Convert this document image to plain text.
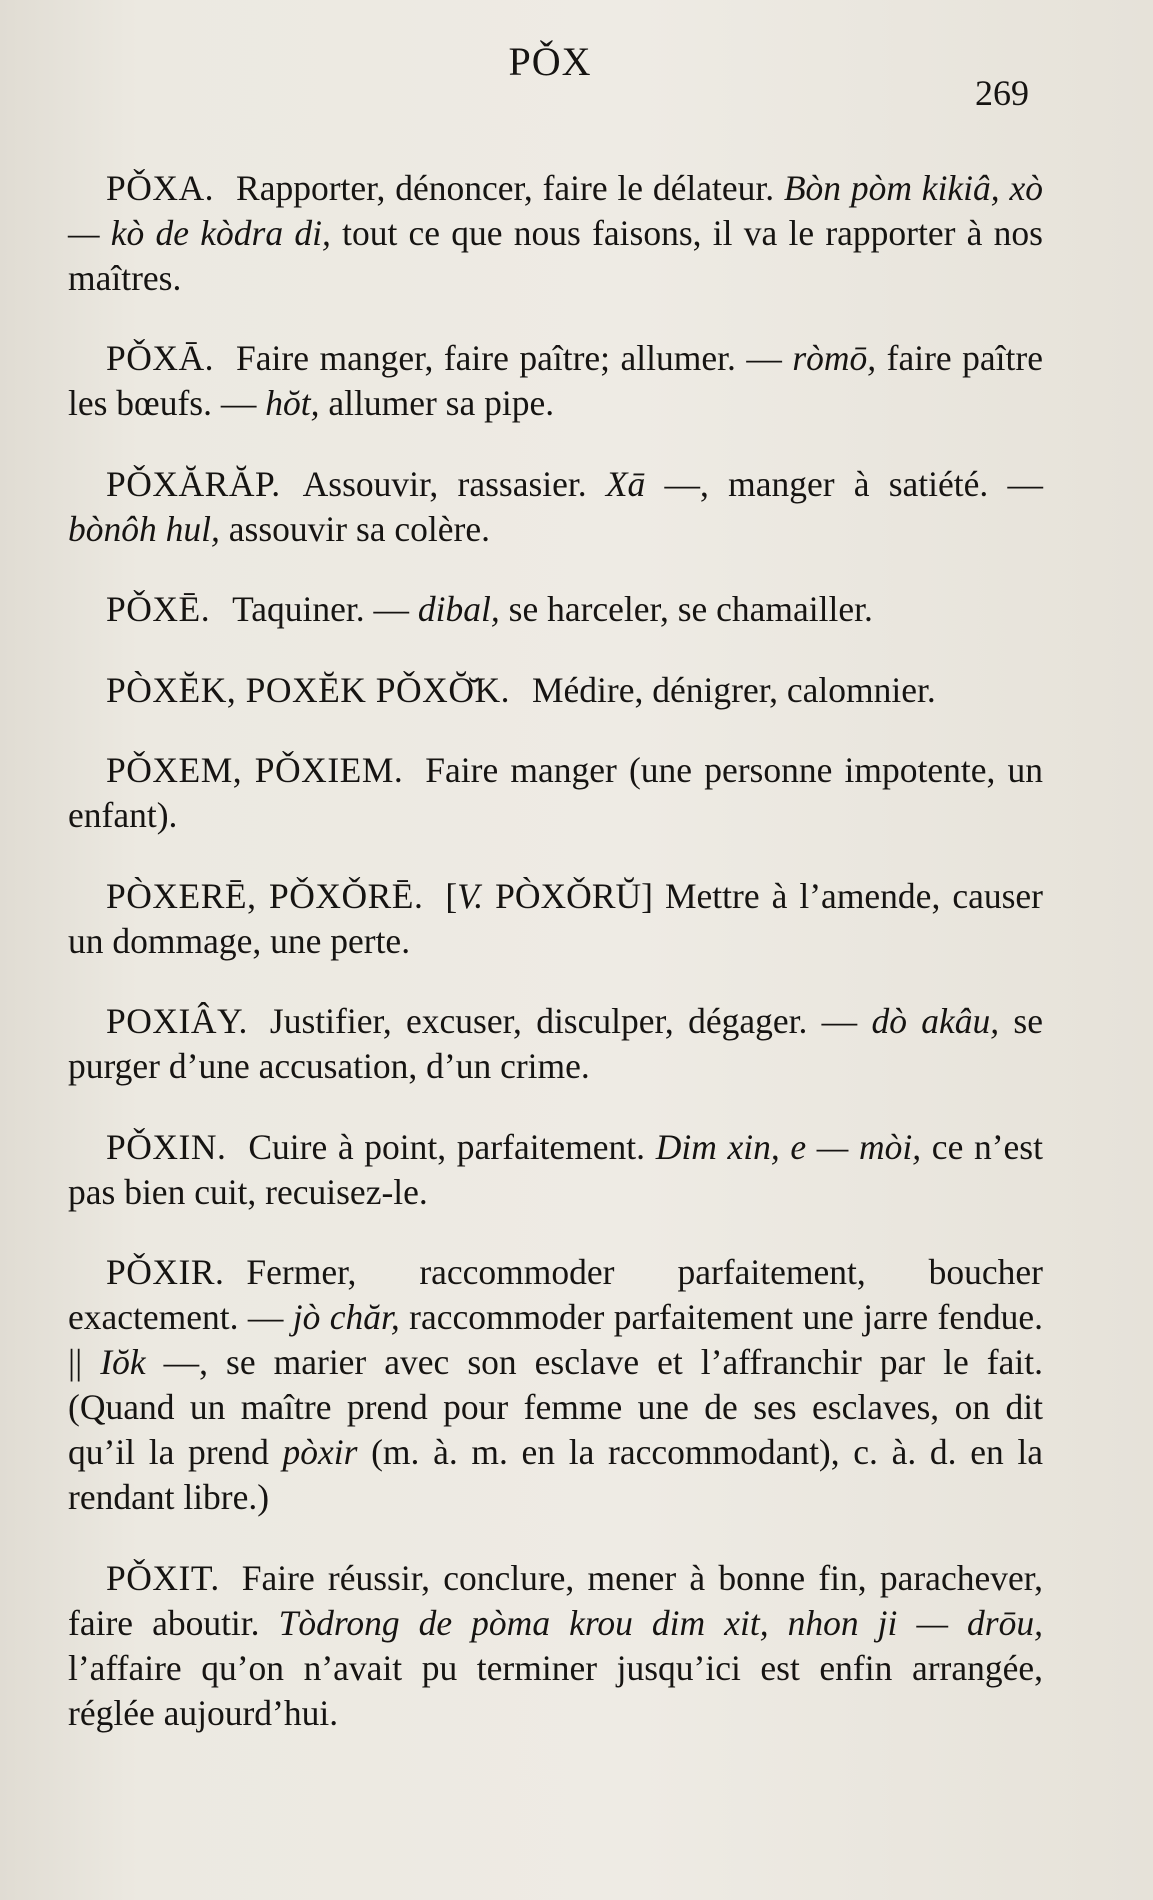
PǑX
269

PǑXA. Rapporter, dénoncer, faire le délateur. Bòn pòm kikiâ, xò — kò de kòdra di, tout ce que nous faisons, il va le rapporter à nos maîtres.

PǑXĀ. Faire manger, faire paître; allumer. — ròmō, faire paître les bœufs. — hŏt, allumer sa pipe.

PǑXĂRĂP. Assouvir, rassasier. Xā —, manger à satiété. — bònôh hul, assouvir sa colère.

PǑXĒ. Taquiner. — dibal, se harceler, se chamailler.

PÒXĔK, POXĔK PǑXŎ̆K. Médire, dénigrer, calomnier.

PǑXEM, PǑXIEM. Faire manger (une personne impotente, un enfant).

PÒXERĒ, PǑXǑRĒ. [V. PÒXǑRŬ] Mettre à l’amende, causer un dommage, une perte.

POXIÂY. Justifier, excuser, disculper, dégager. — dò akâu, se purger d’une accusation, d’un crime.

PǑXIN. Cuire à point, parfaitement. Dim xin, e — mòi, ce n’est pas bien cuit, recuisez-le.

PǑXIR. Fermer, raccommoder parfaitement, boucher exactement. — jò chăr, raccommoder parfaitement une jarre fendue. || Iŏk —, se marier avec son esclave et l’affranchir par le fait. (Quand un maître prend pour femme une de ses esclaves, on dit qu’il la prend pòxir (m. à. m. en la raccommodant), c. à. d. en la rendant libre.)

PǑXIT. Faire réussir, conclure, mener à bonne fin, parachever, faire aboutir. Tòdrong de pòma krou dim xit, nhon ji — drōu, l’affaire qu’on n’avait pu terminer jusqu’ici est enfin arrangée, réglée aujourd’hui.
